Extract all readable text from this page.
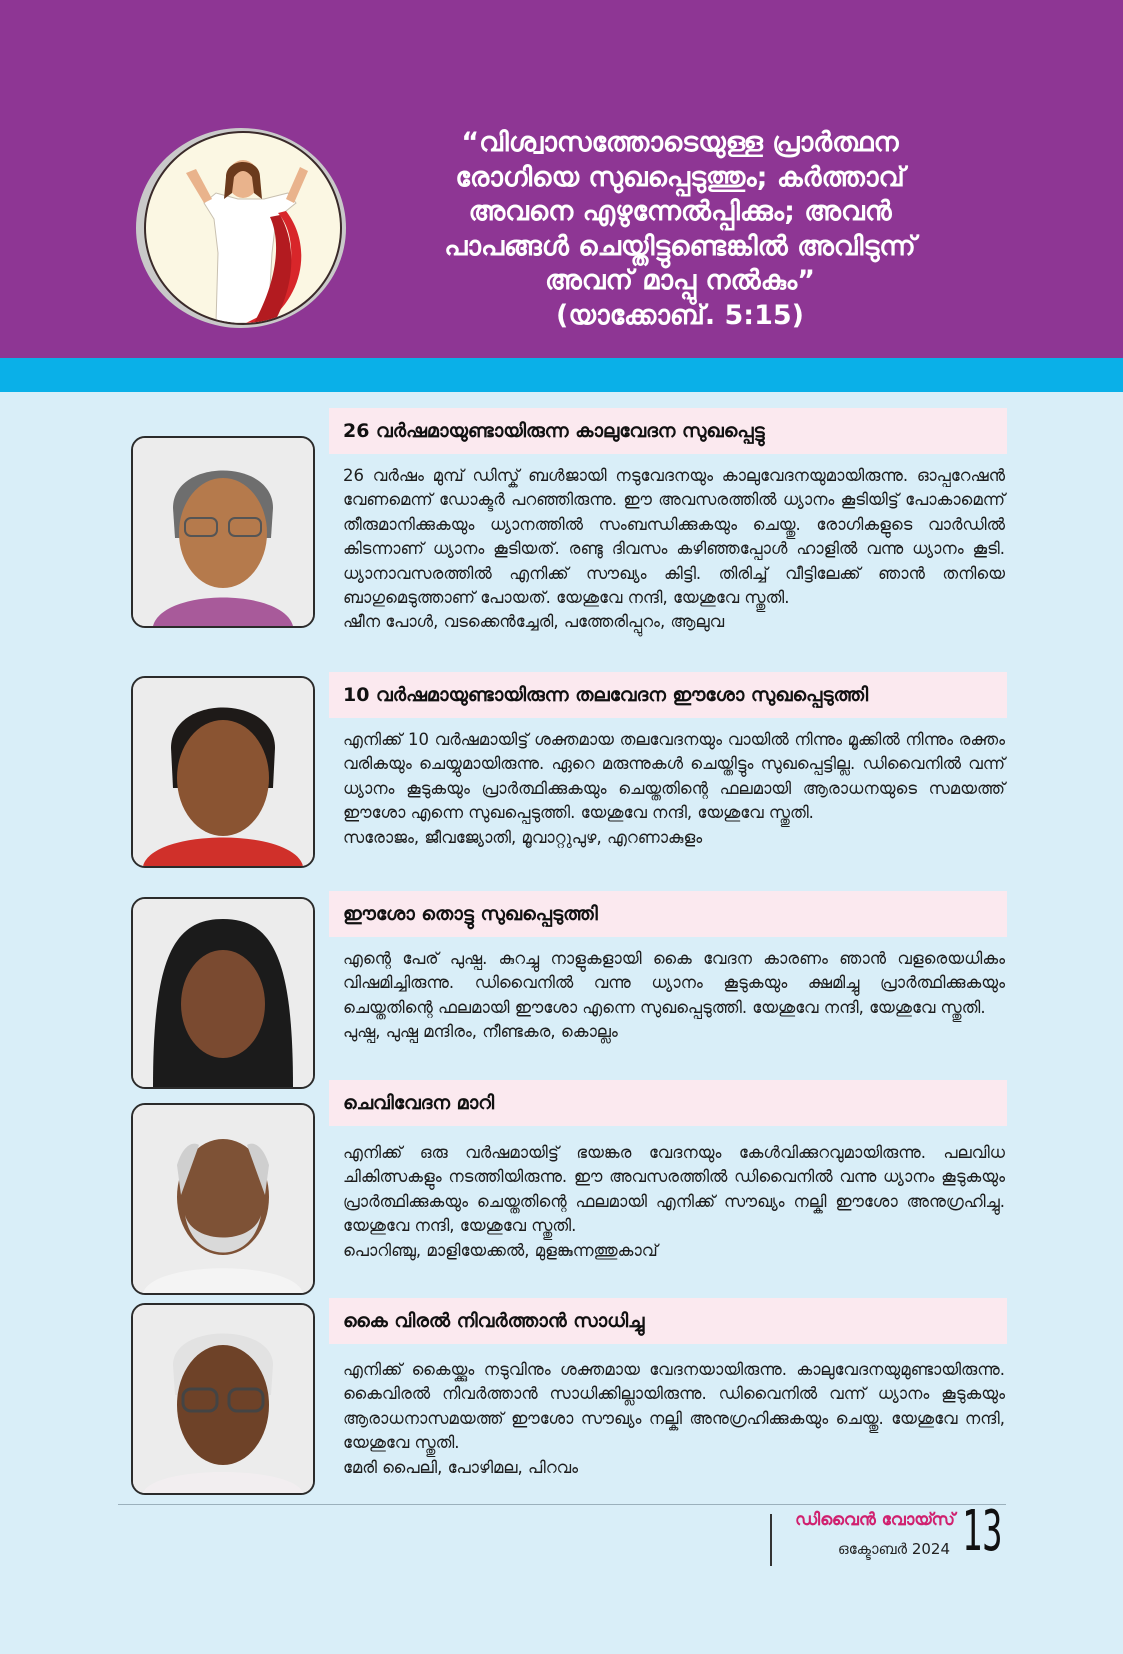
“വിശ്വാസത്തോടെയുള്ള പ്രാർത്ഥന
രോഗിയെ സുഖപ്പെടുത്തും; കർത്താവ്
അവനെ എഴുന്നേൽപ്പിക്കും; അവൻ
പാപങ്ങൾ ചെയ്തിട്ടുണ്ടെങ്കിൽ അവിടുന്ന്
അവന് മാപ്പു നൽകും”
(യാക്കോബ്. 5:15)
26 വർഷമായുണ്ടായിരുന്ന കാലുവേദന സുഖപ്പെട്ടു
26 വർഷം മുമ്പ് ഡിസ്ക് ബൾജായി നടുവേദനയും കാലുവേദനയുമായിരുന്നു. ഓപ്പറേഷൻ വേണമെന്ന് ഡോക്ടർ പറഞ്ഞിരുന്നു. ഈ അവസരത്തിൽ ധ്യാനം കൂടിയിട്ട് പോകാമെന്ന് തീരുമാനിക്കുകയും ധ്യാനത്തിൽ സംബന്ധിക്കുകയും ചെയ്തു. രോഗികളുടെ വാർഡിൽ കിടന്നാണ് ധ്യാനം കൂടിയത്. രണ്ടു ദിവസം കഴിഞ്ഞപ്പോൾ ഹാളിൽ വന്നു ധ്യാനം കൂടി. ധ്യാനാവസരത്തിൽ എനിക്ക് സൗഖ്യം കിട്ടി. തിരിച്ച് വീട്ടിലേക്ക് ഞാൻ തനിയെ ബാഗുമെടുത്താണ് പോയത്. യേശുവേ നന്ദി, യേശുവേ സ്തുതി.
ഷീന പോൾ, വടക്കെൻച്ചേരി, പത്തേരിപ്പുറം, ആലുവ
10 വർഷമായുണ്ടായിരുന്ന തലവേദന ഈശോ സുഖപ്പെടുത്തി
എനിക്ക് 10 വർഷമായിട്ട് ശക്തമായ തലവേദനയും വായിൽ നിന്നും മൂക്കിൽ നിന്നും രക്തം വരികയും ചെയ്യുമായിരുന്നു. ഏറെ മരുന്നുകൾ ചെയ്തിട്ടും സുഖപ്പെട്ടില്ല. ഡിവൈനിൽ വന്ന് ധ്യാനം കൂടുകയും പ്രാർത്ഥിക്കുകയും ചെയ്തതിന്റെ ഫലമായി ആരാധനയുടെ സമയത്ത് ഈശോ എന്നെ സുഖപ്പെടുത്തി. യേശുവേ നന്ദി, യേശുവേ സ്തുതി.
സരോജം, ജീവജ്യോതി, മൂവാറ്റുപുഴ, എറണാകുളം
ഈശോ തൊട്ടു സുഖപ്പെടുത്തി
എന്റെ പേര് പുഷ്പ. കുറച്ചു നാളുകളായി കൈ വേദന കാരണം ഞാൻ വളരെയധികം വിഷമിച്ചിരുന്നു. ഡിവൈനിൽ വന്നു ധ്യാനം കൂടുകയും ക്ഷമിച്ചു പ്രാർത്ഥിക്കുകയും ചെയ്തതിന്റെ ഫലമായി ഈശോ എന്നെ സുഖപ്പെടുത്തി. യേശുവേ നന്ദി, യേശുവേ സ്തുതി.
പുഷ്പ, പുഷ്പ മന്ദിരം, നീണ്ടകര, കൊല്ലം
ചെവിവേദന മാറി
എനിക്ക് ഒരു വർഷമായിട്ട് ഭയങ്കര വേദനയും കേൾവിക്കുറവുമായിരുന്നു. പലവിധ ചികിത്സകളും നടത്തിയിരുന്നു. ഈ അവസരത്തിൽ ഡിവൈനിൽ വന്നു ധ്യാനം കൂടുകയും പ്രാർത്ഥിക്കുകയും ചെയ്തതിന്റെ ഫലമായി എനിക്ക് സൗഖ്യം നല്കി ഈശോ അനുഗ്രഹിച്ചു. യേശുവേ നന്ദി, യേശുവേ സ്തുതി.
പൊറിഞ്ചു, മാളിയേക്കൽ, മുളങ്കുന്നത്തുകാവ്
കൈ വിരൽ നിവർത്താൻ സാധിച്ചു
എനിക്ക് കൈയ്ക്കും നടുവിനും ശക്തമായ വേദനയായിരുന്നു. കാലുവേദനയുമുണ്ടായിരുന്നു. കൈവിരൽ നിവർത്താൻ സാധിക്കില്ലായിരുന്നു. ഡിവൈനിൽ വന്ന് ധ്യാനം കൂടുകയും ആരാധനാസമയത്ത് ഈശോ സൗഖ്യം നല്കി അനുഗ്രഹിക്കുകയും ചെയ്തു. യേശുവേ നന്ദി, യേശുവേ സ്തുതി.
മേരി പൈലി, പോഴിമല, പിറവം
ഡിവൈൻ വോയ്സ്
ഒക്ടോബർ 2024 13
